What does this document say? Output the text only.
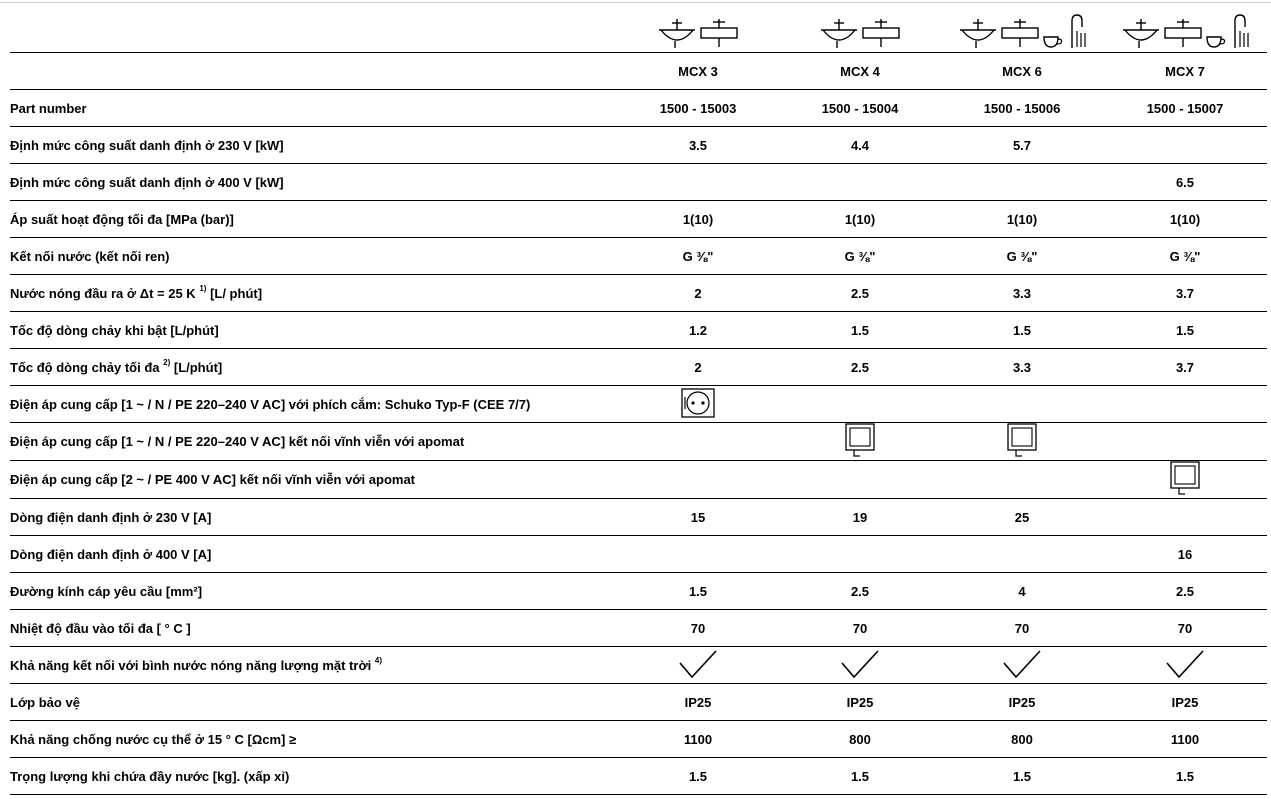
	MCX 3	MCX 4	MCX 6	MCX 7
Part number	1500 - 15003	1500 - 15004	1500 - 15006	1500 - 15007
Định mức công suất danh định ở 230 V [kW]	3.5	4.4	5.7	
Định mức công suất danh định ở 400 V [kW]				6.5
Áp suất hoạt động tối đa [MPa (bar)]	1(10)	1(10)	1(10)	1(10)
Kết nối nước (kết nối ren)	G ⅜"	G ⅜"	G ⅜"	G ⅜"
Nước nóng đầu ra ở Δt = 25 K $^{1)}$ [L/ phút]	2	2.5	3.3	3.7
Tốc độ dòng chảy khi bật [L/phút]	1.2	1.5	1.5	1.5
Tốc độ dòng chảy tối đa $^{2)}$ [L/phút]	2	2.5	3.3	3.7
Điện áp cung cấp [1 ~ / N / PE 220–240 V AC] với phích cắm: Schuko Typ-F (CEE 7/7)				
Điện áp cung cấp [1 ~ / N / PE 220–240 V AC] kết nối vĩnh viễn với apomat				
Điện áp cung cấp [2 ~ / PE 400 V AC] kết nối vĩnh viễn với apomat				
Dòng điện danh định ở 230 V [A]	15	19	25	
Dòng điện danh định ở 400 V [A]				16
Đường kính cáp yêu cầu [mm²]	1.5	2.5	4	2.5
Nhiệt độ đầu vào tối đa [ ° C ]	70	70	70	70
Khả năng kết nối với bình nước nóng năng lượng mặt trời $^{4)}$				
Lớp bảo vệ	IP25	IP25	IP25	IP25
Khả năng chống nước cụ thể ở 15 ° C [Ωcm] ≥	1100	800	800	1100
Trọng lượng khi chứa đầy nước [kg]. (xấp xỉ)	1.5	1.5	1.5	1.5
